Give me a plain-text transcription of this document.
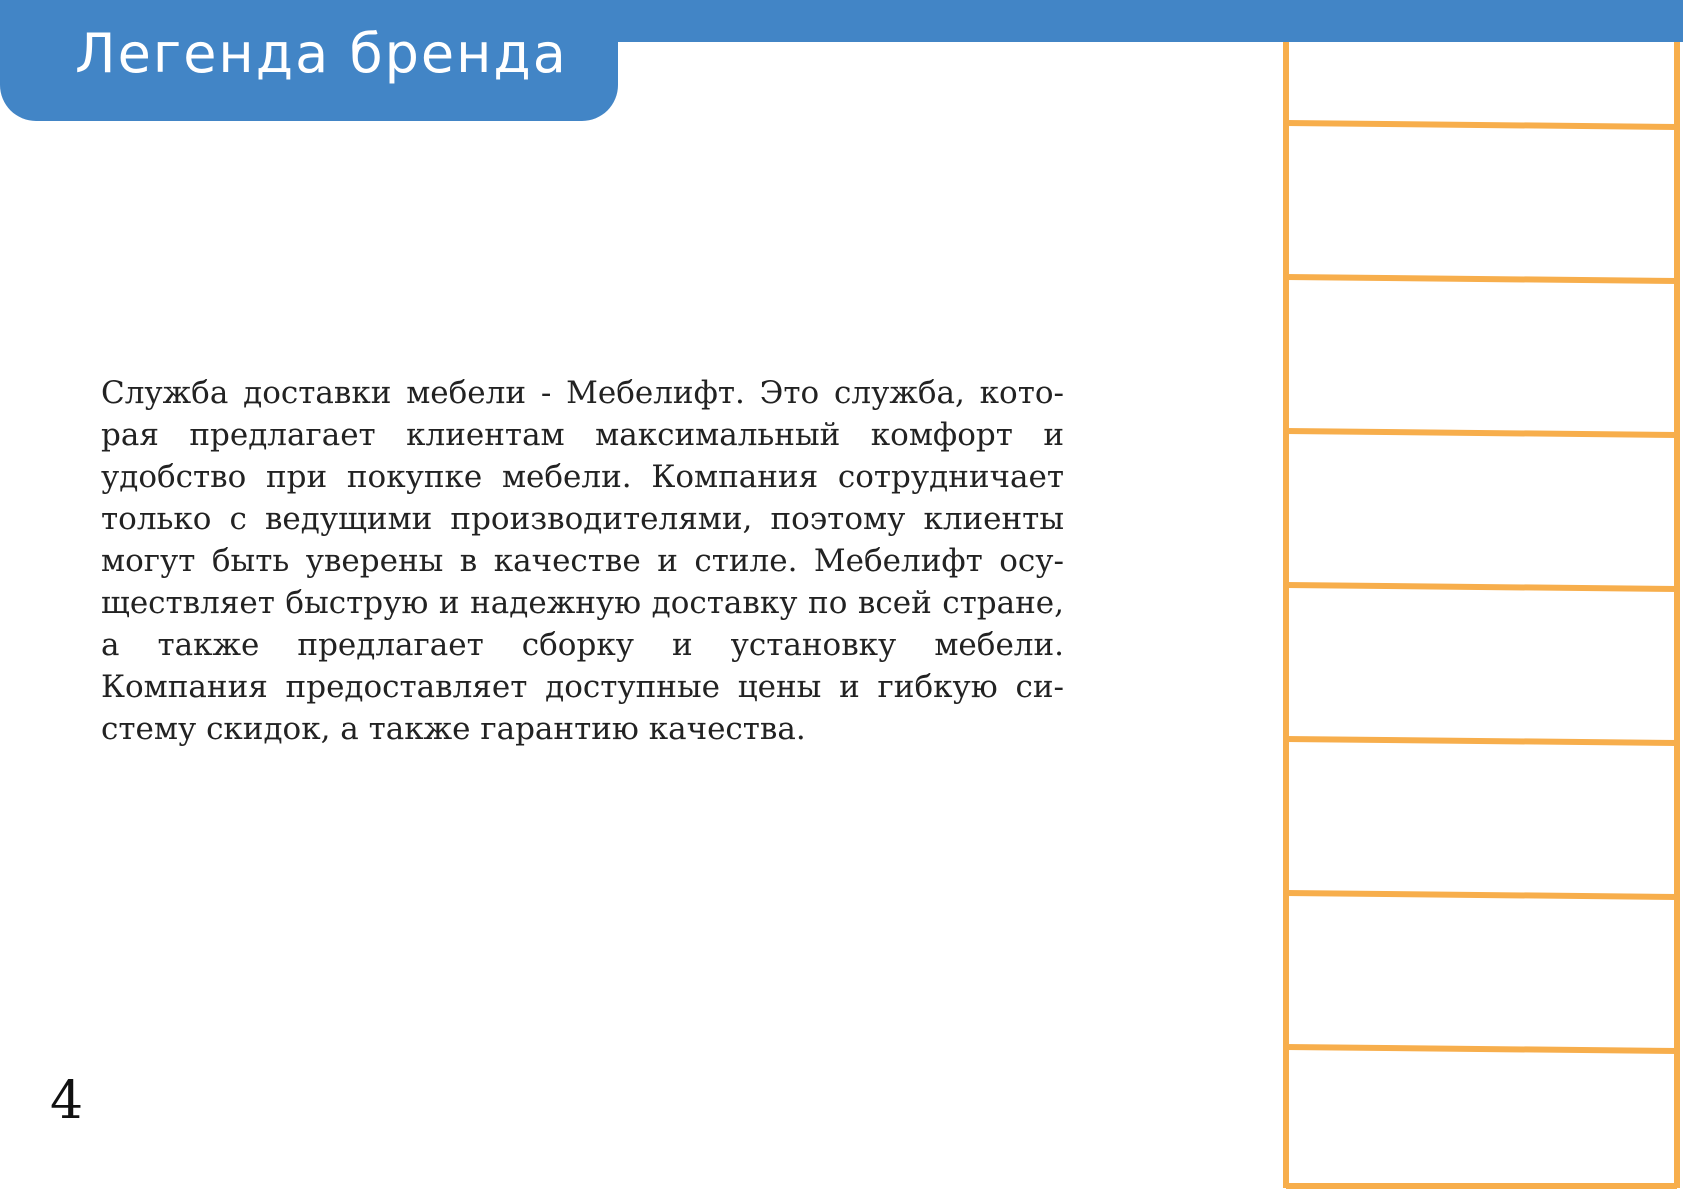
Легенда бренда

Служба доставки мебели - Мебелифт. Это служба, которая предлагает клиентам максимальный комфорт и удобство при покупке мебели. Компания сотрудничает только с ведущими производителями, поэтому клиенты могут быть уверены в качестве и стиле. Мебелифт осуществляет быструю и надежную доставку по всей стране, а также предлагает сборку и установку мебели. Компания предоставляет доступные цены и гибкую систему скидок, а также гарантию качества.

4
